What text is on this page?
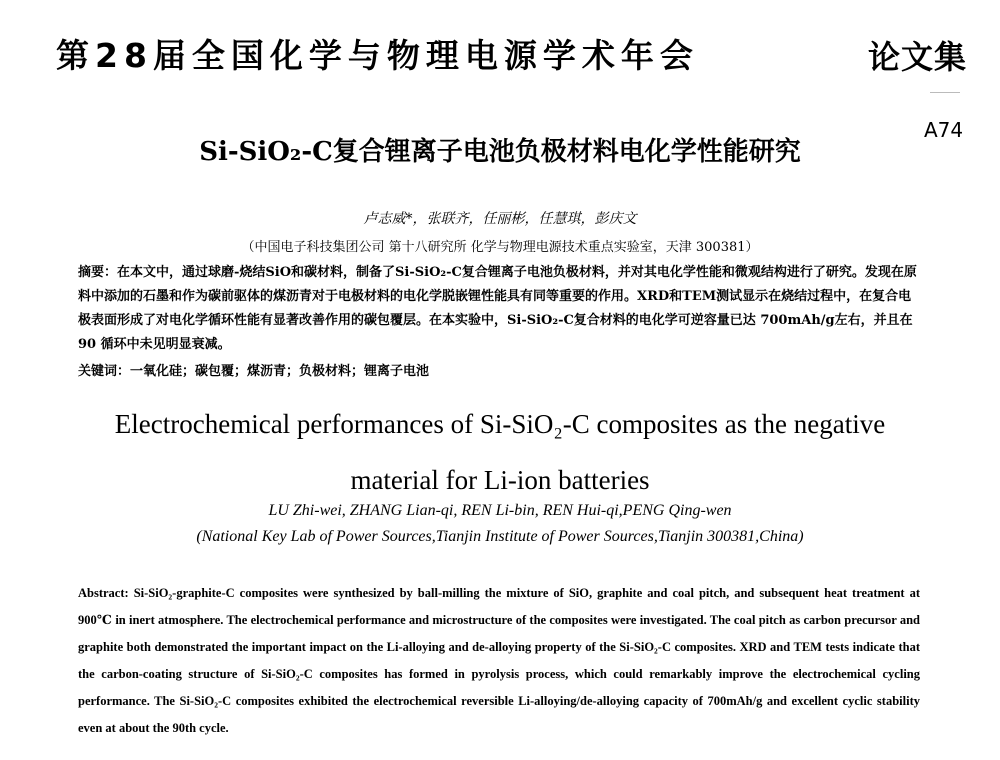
第28届全国化学与物理电源学术年会	论文集
A74
Si-SiO₂-C复合锂离子电池负极材料电化学性能研究
卢志威*，张联齐，任丽彬，任慧琪，彭庆文
（中国电子科技集团公司 第十八研究所 化学与物理电源技术重点实验室，天津 300381）
摘要：在本文中，通过球磨-烧结SiO和碳材料，制备了Si-SiO₂-C复合锂离子电池负极材料，并对其电化学性能和微观结构进行了研究。发现在原料中添加的石墨和作为碳前驱体的煤沥青对于电极材料的电化学脱嵌锂性能具有同等重要的作用。XRD和TEM测试显示在烧结过程中，在复合电极表面形成了对电化学循环性能有显著改善作用的碳包覆层。在本实验中，Si-SiO₂-C复合材料的电化学可逆容量已达 700mAh/g左右，并且在 90 循环中未见明显衰减。
关键词：一氧化硅；碳包覆；煤沥青；负极材料；锂离子电池
Electrochemical performances of Si-SiO₂-C composites as the negative
material for Li-ion batteries
LU Zhi-wei, ZHANG Lian-qi, REN Li-bin, REN Hui-qi,PENG Qing-wen
(National Key Lab of Power Sources,Tianjin Institute of Power Sources,Tianjin 300381,China)
Abstract: Si-SiO₂-graphite-C composites were synthesized by ball-milling the mixture of SiO, graphite and coal pitch, and subsequent heat treatment at 900℃ in inert atmosphere. The electrochemical performance and microstructure of the composites were investigated. The coal pitch as carbon precursor and graphite both demonstrated the important impact on the Li-alloying and de-alloying property of the Si-SiO₂-C composites. XRD and TEM tests indicate that the carbon-coating structure of Si-SiO₂-C composites has formed in pyrolysis process, which could remarkably improve the electrochemical cycling performance. The Si-SiO₂-C composites exhibited the electrochemical reversible Li-alloying/de-alloying capacity of 700mAh/g and excellent cyclic stability even at about the 90th cycle.
